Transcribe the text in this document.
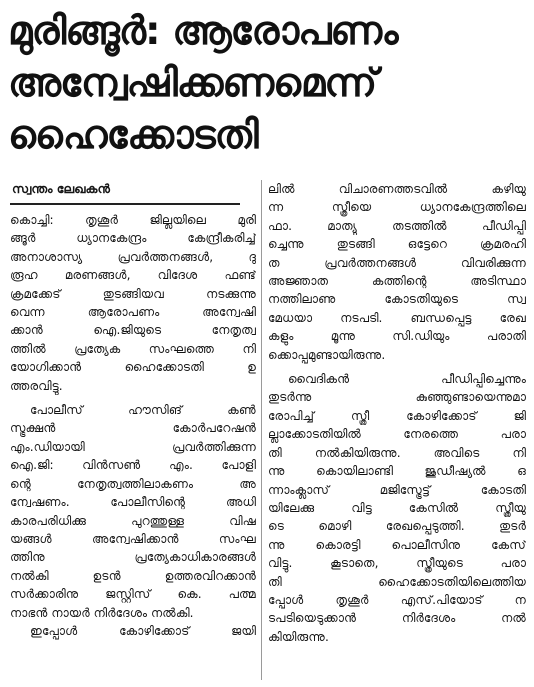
മുരിങ്ങൂർ: ആരോപണം
അന്വേഷിക്കണമെന്ന്
ഹൈക്കോടതി
സ്വന്തം ലേഖകൻ
കൊച്ചി: തൃശൂർ ജില്ലയിലെ മുരി
ങ്ങൂർ ധ്യാനകേന്ദ്രം കേന്ദ്രീകരിച്ച്
അനാശാസ്യ പ്രവർത്തനങ്ങൾ, ദു
രൂഹ മരണങ്ങൾ, വിദേശ ഫണ്ട്
ക്രമക്കേട് തുടങ്ങിയവ നടക്കുന്നു
വെന്ന ആരോപണം അന്വേഷി
ക്കാൻ ഐ.ജിയുടെ നേതൃത്വ
ത്തിൽ പ്രത്യേക സംഘത്തെ നി
യോഗിക്കാൻ ഹൈക്കോടതി ഉ
ത്തരവിട്ടു.
പോലീസ് ഹൗസിങ് കൺ
സ്ട്രക്ഷൻ കോർപറേഷൻ
എം.ഡിയായി പ്രവർത്തിക്കുന്ന
ഐ.ജി: വിൻസൺ എം. പോളി
ന്റെ നേതൃത്വത്തിലാകണം അ
ന്വേഷണം. പോലീസിന്റെ അധി
കാരപരിധിക്കു പുറത്തുള്ള വിഷ
യങ്ങൾ അന്വേഷിക്കാൻ സംഘ
ത്തിനു പ്രത്യേകാധികാരങ്ങൾ
നൽകി ഉടൻ ഉത്തരവിറക്കാൻ
സർക്കാരിനു ജസ്റ്റിസ് കെ. പത്മ
നാഭൻ നായർ നിർദേശം നൽകി.
ഇപ്പോൾ കോഴിക്കോട് ജയി
ലിൽ വിചാരണത്തടവിൽ കഴിയു
ന്ന സ്ത്രീയെ ധ്യാനകേന്ദ്രത്തിലെ
ഫാ. മാത്യു തടത്തിൽ പീഡിപ്പി
ച്ചെന്നു തുടങ്ങി ഒട്ടേറെ ക്രമരഹി
ത പ്രവർത്തനങ്ങൾ വിവരിക്കുന്ന
അജ്ഞാത കത്തിന്റെ അടിസ്ഥാ
നത്തിലാണു കോടതിയുടെ സ്വ
മേധയാ നടപടി. ബന്ധപ്പെട്ട രേഖ
കളും മൂന്നു സി.ഡിയും പരാതി
ക്കൊപ്പമുണ്ടായിരുന്നു.
വൈദികൻ പീഡിപ്പിച്ചെന്നും
തുടർന്നു കുഞ്ഞുണ്ടായെന്നുമാ
രോപിച്ച് സ്ത്രീ കോഴിക്കോട് ജി
ല്ലാക്കോടതിയിൽ നേരത്തെ പരാ
തി നൽകിയിരുന്നു. അവിടെ നി
ന്നു കൊയിലാണ്ടി ജുഡീഷ്യൽ ഒ
ന്നാംക്ലാസ് മജിസ്ട്രേട്ട് കോടതി
യിലേക്കു വിട്ട കേസിൽ സ്ത്രീയു
ടെ മൊഴി രേഖപ്പെടുത്തി. തുടർ
ന്നു കൊരട്ടി പൊലീസിനു കേസ്
വിട്ടു. കൂടാതെ, സ്ത്രീയുടെ പരാ
തി ഹൈക്കോടതിയിലെത്തിയ
പ്പോൾ തൃശൂർ എസ്.പിയോട് ന
ടപടിയെടുക്കാൻ നിർദേശം നൽ
കിയിരുന്നു.
